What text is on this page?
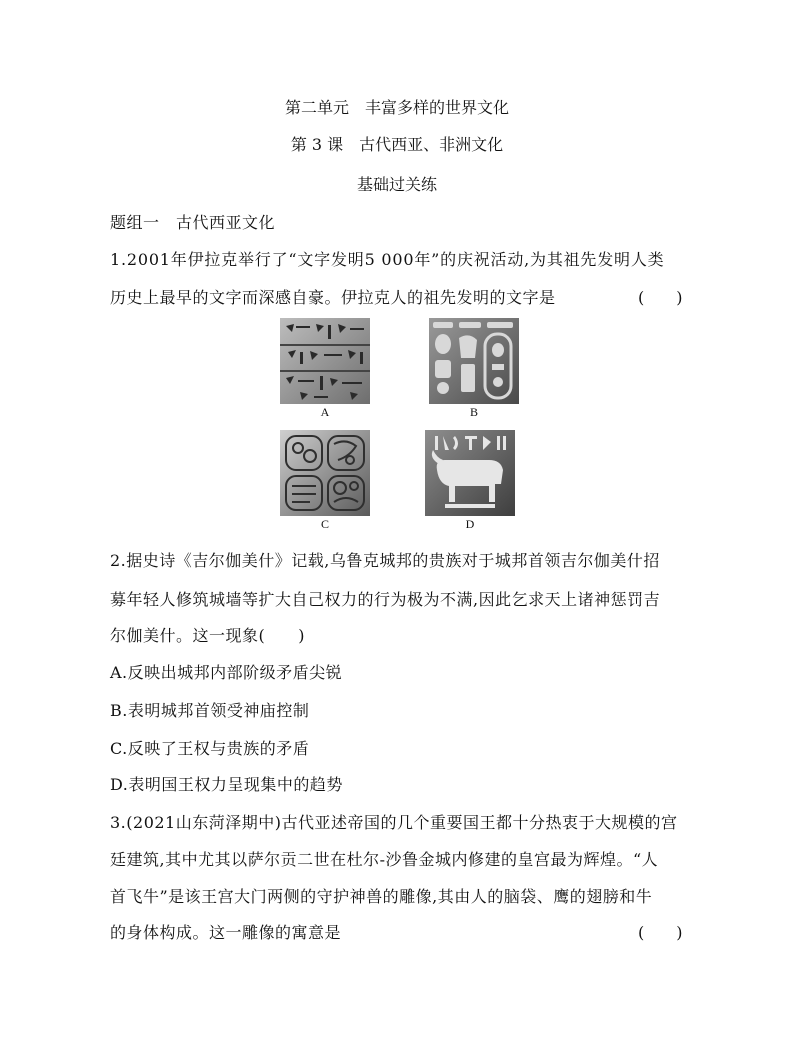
第二单元　丰富多样的世界文化
第 3 课　古代西亚、非洲文化
基础过关练
题组一　古代西亚文化
1.2001年伊拉克举行了“文字发明5 000年”的庆祝活动,为其祖先发明人类
历史上最早的文字而深感自豪。伊拉克人的祖先发明的文字是	(　　)
A	B
C	D
2.据史诗《吉尔伽美什》记载,乌鲁克城邦的贵族对于城邦首领吉尔伽美什招
募年轻人修筑城墙等扩大自己权力的行为极为不满,因此乞求天上诸神惩罚吉
尔伽美什。这一现象(　　)
A.反映出城邦内部阶级矛盾尖锐
B.表明城邦首领受神庙控制
C.反映了王权与贵族的矛盾
D.表明国王权力呈现集中的趋势
3.(2021山东菏泽期中)古代亚述帝国的几个重要国王都十分热衷于大规模的宫
廷建筑,其中尤其以萨尔贡二世在杜尔-沙鲁金城内修建的皇宫最为辉煌。“人
首飞牛”是该王宫大门两侧的守护神兽的雕像,其由人的脑袋、鹰的翅膀和牛
的身体构成。这一雕像的寓意是	(　　)
